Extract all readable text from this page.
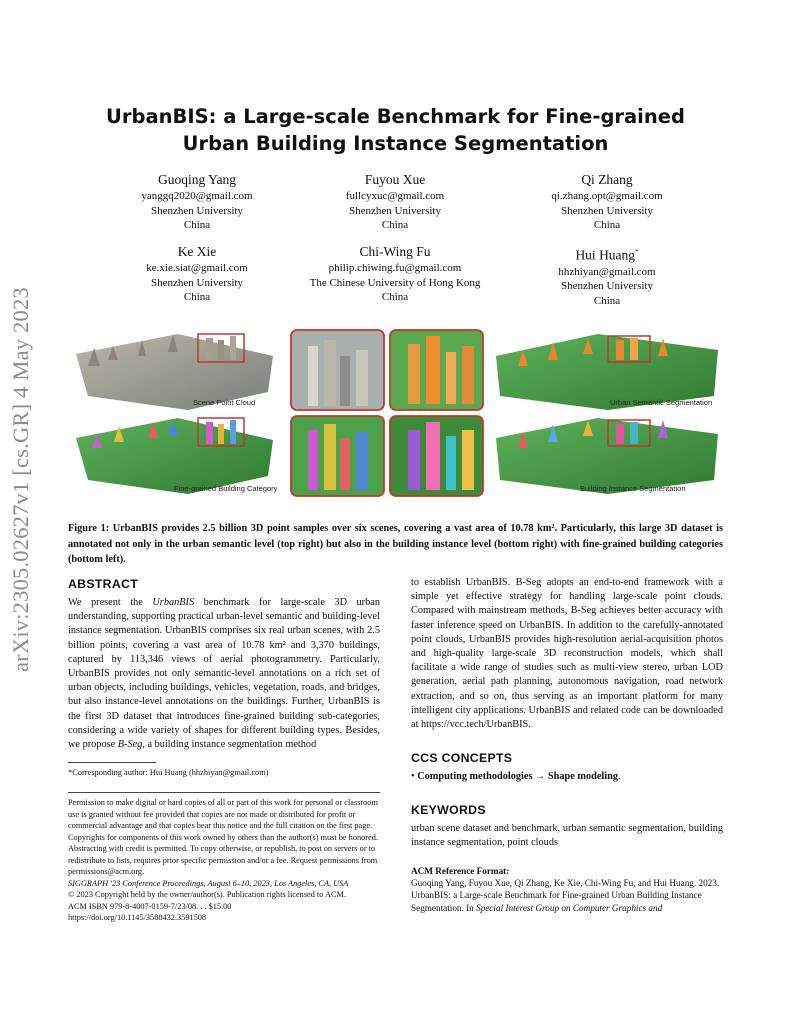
arXiv:2305.02627v1 [cs.GR] 4 May 2023
UrbanBIS: a Large-scale Benchmark for Fine-grained Urban Building Instance Segmentation
Guoqing Yang
yanggq2020@gmail.com
Shenzhen University
China
Fuyou Xue
fullcyxuc@gmail.com
Shenzhen University
China
Qi Zhang
qi.zhang.opt@gmail.com
Shenzhen University
China
Ke Xie
ke.xie.siat@gmail.com
Shenzhen University
China
Chi-Wing Fu
philip.chiwing.fu@gmail.com
The Chinese University of Hong Kong
China
Hui Huang*
hhzhiyan@gmail.com
Shenzhen University
China
Scene Point Cloud	Urban Semantic Segmentation
Fine-grained Building Category	Building Instance Segmentation
Figure 1: UrbanBIS provides 2.5 billion 3D point samples over six scenes, covering a vast area of 10.78 km². Particularly, this large 3D dataset is annotated not only in the urban semantic level (top right) but also in the building instance level (bottom right) with fine-grained building categories (bottom left).
ABSTRACT

We present the UrbanBIS benchmark for large-scale 3D urban understanding, supporting practical urban-level semantic and building-level instance segmentation. UrbanBIS comprises six real urban scenes, with 2.5 billion points, covering a vast area of 10.78 km² and 3,370 buildings, captured by 113,346 views of aerial photogrammetry. Particularly, UrbanBIS provides not only semantic-level annotations on a rich set of urban objects, including buildings, vehicles, vegetation, roads, and bridges, but also instance-level annotations on the buildings. Further, UrbanBIS is the first 3D dataset that introduces fine-grained building sub-categories, considering a wide variety of shapes for different building types. Besides, we propose B-Seg, a building instance segmentation method

*Corresponding author: Hui Huang (hhzhiyan@gmail.com)

Permission to make digital or hard copies of all or part of this work for personal or classroom use is granted without fee provided that copies are not made or distributed for profit or commercial advantage and that copies bear this notice and the full citation on the first page. Copyrights for components of this work owned by others than the author(s) must be honored. Abstracting with credit is permitted. To copy otherwise, or republish, to post on servers or to redistribute to lists, requires prior specific permission and/or a fee. Request permissions from permissions@acm.org.

SIGGRAPH '23 Conference Proceedings, August 6–10, 2023, Los Angeles, CA, USA

© 2023 Copyright held by the owner/author(s). Publication rights licensed to ACM.

ACM ISBN 979-8-4007-0159-7/23/08. . . $15.00

https://doi.org/10.1145/3588432.3591508

to establish UrbanBIS. B-Seg adopts an end-to-end framework with a simple yet effective strategy for handling large-scale point clouds. Compared with mainstream methods, B-Seg achieves better accuracy with faster inference speed on UrbanBIS. In addition to the carefully-annotated point clouds, UrbanBIS provides high-resolution aerial-acquisition photos and high-quality large-scale 3D reconstruction models, which shall facilitate a wide range of studies such as multi-view stereo, urban LOD generation, aerial path planning, autonomous navigation, road network extraction, and so on, thus serving as an important platform for many intelligent city applications. UrbanBIS and related code can be downloaded at https://vcc.tech/UrbanBIS.

CCS CONCEPTS
• Computing methodologies → Shape modeling.
KEYWORDS

urban scene dataset and benchmark, urban semantic segmentation, building instance segmentation, point clouds

ACM Reference Format:
Guoqing Yang, Fuyou Xue, Qi Zhang, Ke Xie, Chi-Wing Fu, and Hui Huang. 2023. UrbanBIS: a Large-scale Benchmark for Fine-grained Urban Building Instance Segmentation. In Special Interest Group on Computer Graphics and
